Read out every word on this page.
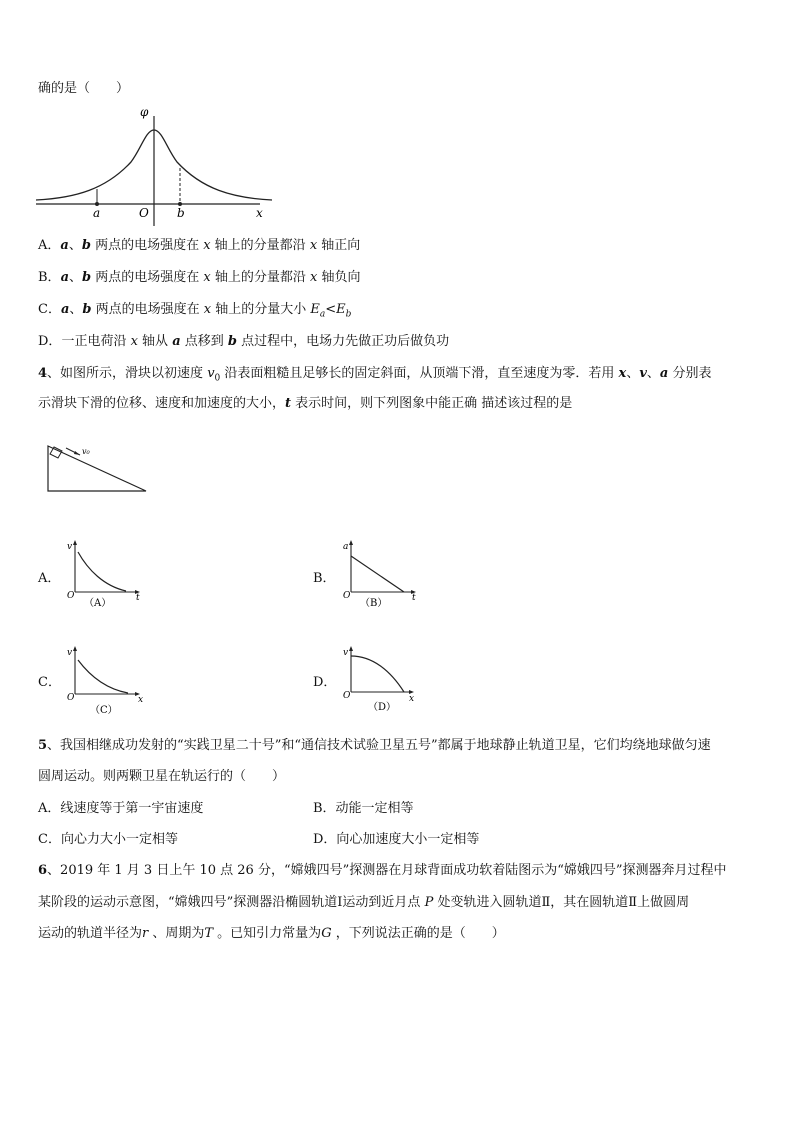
确的是（　　）
φ
a	O b	x
A．a、b 两点的电场强度在 x 轴上的分量都沿 x 轴正向
B．a、b 两点的电场强度在 x 轴上的分量都沿 x 轴负向
C．a、b 两点的电场强度在 x 轴上的分量大小 $E_a<E_b$
D．一正电荷沿 x 轴从 a 点移到 b 点过程中，电场力先做正功后做负功
4、如图所示，滑块以初速度 $v_0$ 沿表面粗糙且足够长的固定斜面，从顶端下滑，直至速度为零．若用 x、v、a 分别表
示滑块下滑的位移、速度和加速度的大小，t 表示时间，则下列图象中能正确 描述该过程的是
v₀
A．
v
O	t
（A）
B．
a
O	t
（B）
C．
v
O	x
（C）
D．
v
O	x
（D）
5、我国相继成功发射的“实践卫星二十号”和“通信技术试验卫星五号”都属于地球静止轨道卫星，它们均绕地球做匀速
圆周运动。则两颗卫星在轨运行的（　　）
A．线速度等于第一宇宙速度	B．动能一定相等
C．向心力大小一定相等	D．向心加速度大小一定相等
6、2019 年 1 月 3 日上午 10 点 26 分，“嫦娥四号”探测器在月球背面成功软着陆图示为“嫦娥四号”探测器奔月过程中
某阶段的运动示意图，“嫦娥四号”探测器沿椭圆轨道Ⅰ运动到近月点 P 处变轨进入圆轨道Ⅱ，其在圆轨道Ⅱ上做圆周
运动的轨道半径为r 、周期为T 。已知引力常量为G ，下列说法正确的是（　　）
